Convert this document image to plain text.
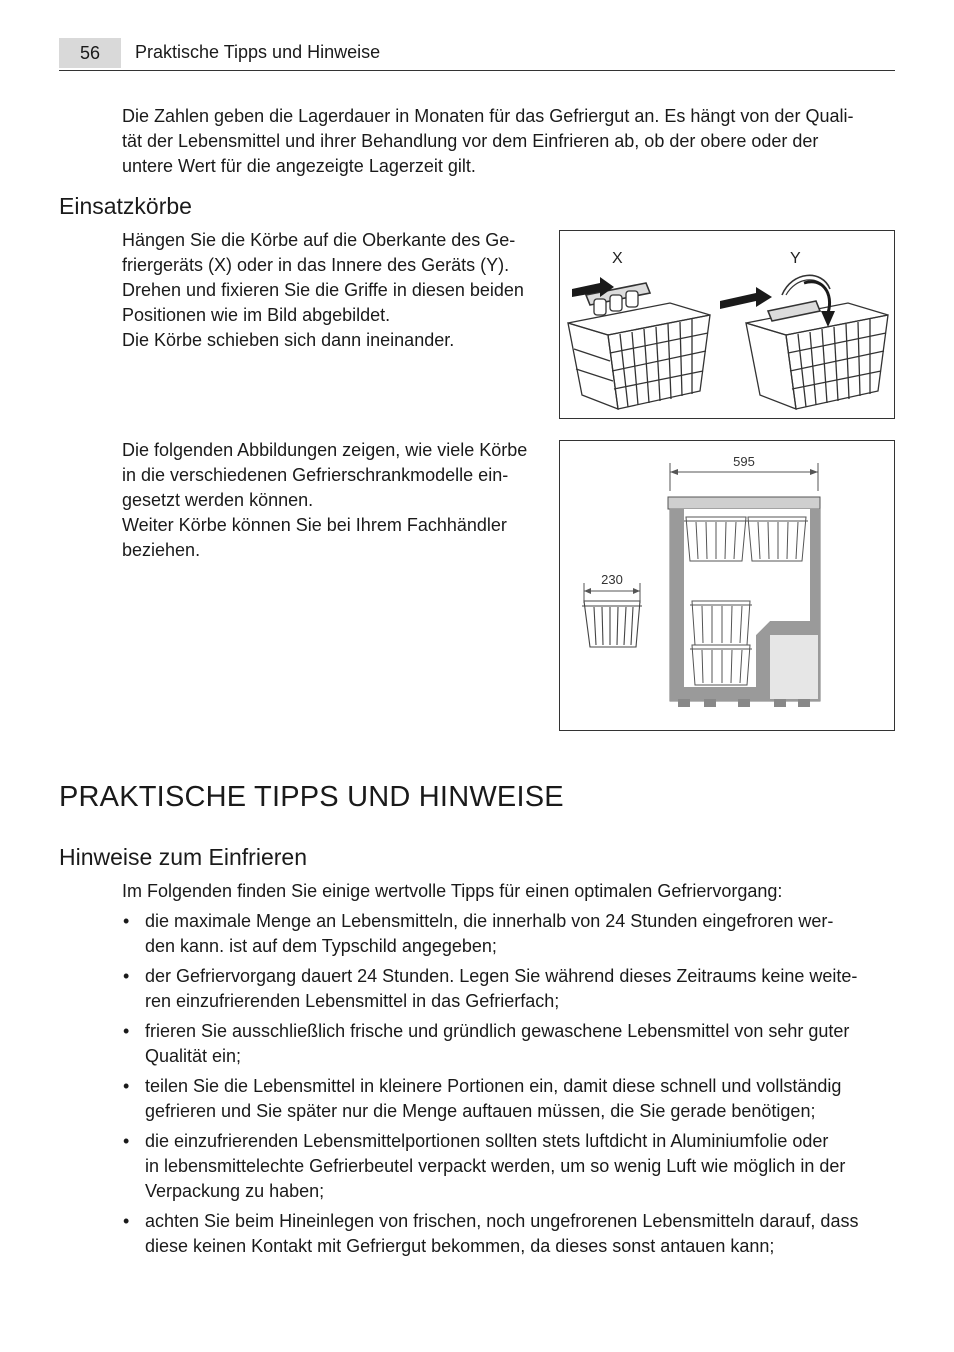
56	Praktische Tipps und Hinweise
Die Zahlen geben die Lagerdauer in Monaten für das Gefriergut an. Es hängt von der Quali-
tät der Lebensmittel und ihrer Behandlung vor dem Einfrieren ab, ob der obere oder der
untere Wert für die angezeigte Lagerzeit gilt.
Einsatzkörbe
Hängen Sie die Körbe auf die Oberkante des Ge-
friergeräts (X) oder in das Innere des Geräts (Y).
Drehen und fixieren Sie die Griffe in diesen beiden
Positionen wie im Bild abgebildet.
Die Körbe schieben sich dann ineinander.
X	Y
Die folgenden Abbildungen zeigen, wie viele Körbe
in die verschiedenen Gefrierschrankmodelle ein-
gesetzt werden können.
Weiter Körbe können Sie bei Ihrem Fachhändler
beziehen.
595
230
PRAKTISCHE TIPPS UND HINWEISE
Hinweise zum Einfrieren
Im Folgenden finden Sie einige wertvolle Tipps für einen optimalen Gefriervorgang:
• die maximale Menge an Lebensmitteln, die innerhalb von 24 Stunden eingefroren wer-
den kann. ist auf dem Typschild angegeben;
• der Gefriervorgang dauert 24 Stunden. Legen Sie während dieses Zeitraums keine weite-
ren einzufrierenden Lebensmittel in das Gefrierfach;
• frieren Sie ausschließlich frische und gründlich gewaschene Lebensmittel von sehr guter
Qualität ein;
• teilen Sie die Lebensmittel in kleinere Portionen ein, damit diese schnell und vollständig
gefrieren und Sie später nur die Menge auftauen müssen, die Sie gerade benötigen;
• die einzufrierenden Lebensmittelportionen sollten stets luftdicht in Aluminiumfolie oder
in lebensmittelechte Gefrierbeutel verpackt werden, um so wenig Luft wie möglich in der
Verpackung zu haben;
• achten Sie beim Hineinlegen von frischen, noch ungefrorenen Lebensmitteln darauf, dass
diese keinen Kontakt mit Gefriergut bekommen, da dieses sonst antauen kann;
